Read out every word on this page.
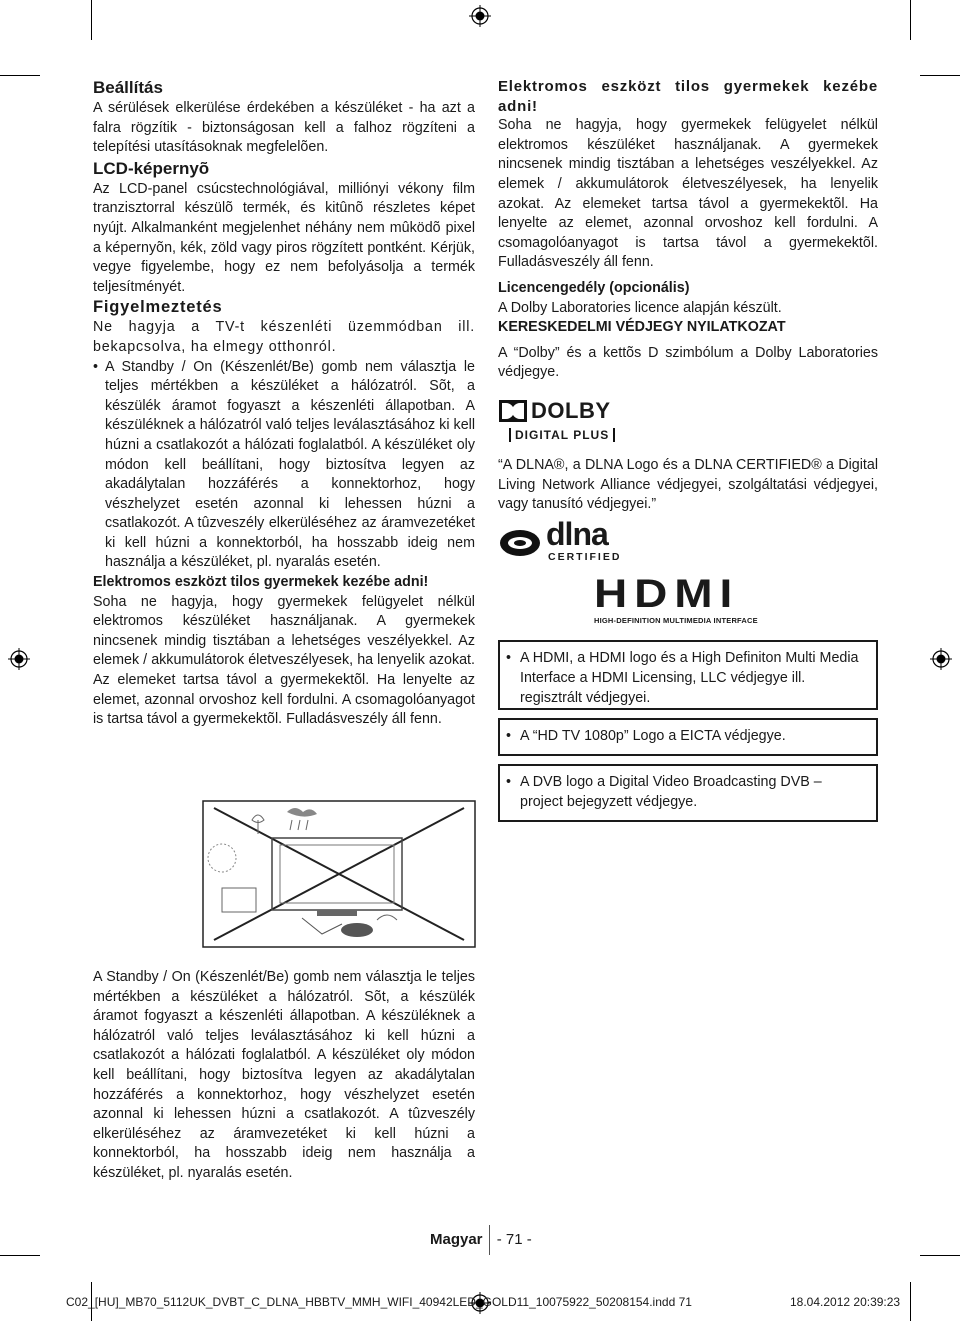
Beállítás

A sérülések elkerülése érdekében a készüléket - ha azt a falra rögzítik - biztonságosan kell a falhoz rögzíteni a telepítési utasításoknak megfelelõen.

LCD-képernyõ

Az LCD-panel csúcstechnológiával, milliónyi vékony film tranzisztorral készülõ termék, és kitûnõ részletes képet nyújt. Alkalmanként megjelenhet néhány nem mûködõ pixel a képernyõn, kék, zöld vagy piros rögzített pontként. Kérjük, vegye figyelembe, hogy ez nem befolyásolja a termék teljesítményét.

Figyelmeztetés

Ne hagyja a TV-t készenléti üzemmódban ill. bekapcsolva, ha elmegy otthonról.

• A Standby / On (Készenlét/Be) gomb nem választja le teljes mértékben a készüléket a hálózatról. Sõt, a készülék áramot fogyaszt a készenléti állapotban. A készüléknek a hálózatról való teljes leválasztásához ki kell húzni a csatlakozót a hálózati foglalatból. A készüléket oly módon kell beállítani, hogy biztosítva legyen az akadálytalan hozzáférés a konnektorhoz, hogy vészhelyzet esetén azonnal ki lehessen húzni a csatlakozót. A tûzveszély elkerüléséhez az áramvezetéket ki kell húzni a konnektorból, ha hosszabb ideig nem használja a készüléket, pl. nyaralás esetén.

Elektromos eszközt tilos gyermekek kezébe adni!

Soha ne hagyja, hogy gyermekek felügyelet nélkül elektromos készüléket használjanak. A gyermekek nincsenek mindig tisztában a lehetséges veszélyekkel. Az elemek / akkumulátorok életveszélyesek, ha lenyelik azokat. Az elemeket tartsa távol a gyermekektõl. Ha lenyelte az elemet, azonnal orvoshoz kell fordulni. A csomagolóanyagot is tartsa távol a gyermekektõl. Fulladásveszély áll fenn.

A Standby / On (Készenlét/Be) gomb nem választja le teljes mértékben a készüléket a hálózatról. Sõt, a készülék áramot fogyaszt a készenléti állapotban. A készüléknek a hálózatról való teljes leválasztásához ki kell húzni a csatlakozót a hálózati foglalatból. A készüléket oly módon kell beállítani, hogy biztosítva legyen az akadálytalan hozzáférés a konnektorhoz, hogy vészhelyzet esetén azonnal ki lehessen húzni a csatlakozót. A tûzveszély elkerüléséhez az áramvezetéket ki kell húzni a konnektorból, ha hosszabb ideig nem használja a készüléket, pl. nyaralás esetén.

Elektromos eszközt tilos gyermekek kezébe adni!

Soha ne hagyja, hogy gyermekek felügyelet nélkül elektromos készüléket használjanak. A gyermekek nincsenek mindig tisztában a lehetséges veszélyekkel. Az elemek / akkumulátorok életveszélyesek, ha lenyelik azokat. Az elemeket tartsa távol a gyermekektõl. Ha lenyelte az elemet, azonnal orvoshoz kell fordulni. A csomagolóanyagot is tartsa távol a gyermekektõl. Fulladásveszély áll fenn.

Licencengedély (opcionális)

A Dolby Laboratories licence alapján készült.

KERESKEDELMI VÉDJEGY NYILATKOZAT

A “Dolby” és a kettõs D szimbólum a Dolby Laboratories védjegye.

DOLBY
DIGITAL PLUS

“A DLNA®, a DLNA Logo és a DLNA CERTIFIED® a Digital Living Network Alliance védjegyei, szolgáltatási védjegyei, vagy tanusító védjegyei.”

dlna
CERTIFIED
HDMI
HIGH-DEFINITION MULTIMEDIA INTERFACE
• A HDMI, a HDMI logo és a High Definiton Multi Media Interface a HDMI Licensing, LLC védjegye ill. regisztrált védjegyei.
• A “HD TV 1080p” Logo a EICTA védjegye.
• A DVB logo a Digital Video Broadcasting DVB – project bejegyzett védjegye.
Magyar - 71 -
C02_[HU]_MB70_5112UK_DVBT_C_DLNA_HBBTV_MMH_WIFI_40942LED_GOLD11_10075922_50208154.indd 71	18.04.2012 20:39:23
